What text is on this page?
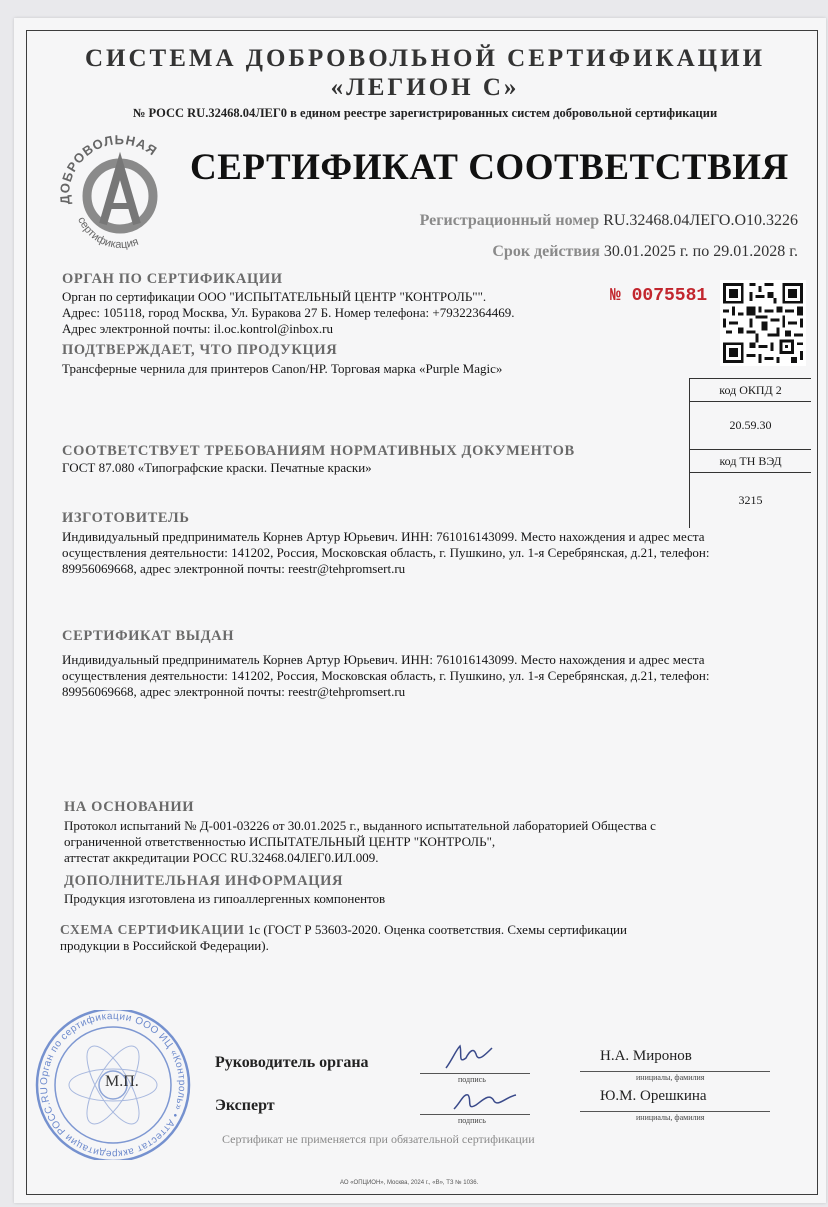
СИСТЕМА ДОБРОВОЛЬНОЙ СЕРТИФИКАЦИИ
«ЛЕГИОН С»
№ РОСС RU.32468.04ЛЕГ0 в едином реестре зарегистрированных систем добровольной сертификации
ДОБРОВОЛЬНАЯ
сертификация
СА
СЕРТИФИКАТ СООТВЕТСТВИЯ
Регистрационный номер RU.32468.04ЛЕГО.О10.3226
Срок действия 30.01.2025 г. по 29.01.2028 г.
№ 0075581
ОРГАН ПО СЕРТИФИКАЦИИ
Орган по сертификации ООО "ИСПЫТАТЕЛЬНЫЙ ЦЕНТР "КОНТРОЛЬ"".
Адрес: 105118, город Москва, Ул. Буракова 27 Б. Номер телефона: +79322364469.
Адрес электронной почты: il.oc.kontrol@inbox.ru
ПОДТВЕРЖДАЕТ, ЧТО ПРОДУКЦИЯ
Трансферные чернила для принтеров Canon/HP. Торговая марка «Purple Magic»
код ОКПД 2
20.59.30
код ТН ВЭД
3215
СООТВЕТСТВУЕТ ТРЕБОВАНИЯМ НОРМАТИВНЫХ ДОКУМЕНТОВ
ГОСТ 87.080 «Типографские краски. Печатные краски»
ИЗГОТОВИТЕЛЬ
Индивидуальный предприниматель Корнев Артур Юрьевич. ИНН: 761016143099. Место нахождения и адрес места
осуществления деятельности: 141202, Россия, Московская область, г. Пушкино, ул. 1-я Серебрянская, д.21, телефон:
89956069668, адрес электронной почты: reestr@tehpromsert.ru
СЕРТИФИКАТ ВЫДАН
Индивидуальный предприниматель Корнев Артур Юрьевич. ИНН: 761016143099. Место нахождения и адрес места
осуществления деятельности: 141202, Россия, Московская область, г. Пушкино, ул. 1-я Серебрянская, д.21, телефон:
89956069668, адрес электронной почты: reestr@tehpromsert.ru
НА ОСНОВАНИИ
Протокол испытаний № Д-001-03226 от 30.01.2025 г., выданного испытательной лабораторией Общества с
ограниченной ответственностью ИСПЫТАТЕЛЬНЫЙ ЦЕНТР "КОНТРОЛЬ",
аттестат аккредитации РОСС RU.32468.04ЛЕГ0.ИЛ.009.
ДОПОЛНИТЕЛЬНАЯ ИНФОРМАЦИЯ
Продукция изготовлена из гипоаллергенных компонентов
СХЕМА СЕРТИФИКАЦИИ 1с (ГОСТ Р 53603-2020. Оценка соответствия. Схемы сертификации
продукции в Российской Федерации).
Орган по сертификации ООО ИЦ «Контроль» • Аттестат аккредитации РОСС.RU
М.П.
Руководитель органа
подпись
Н.А. Миронов
инициалы, фамилия
Эксперт
подпись
Ю.М. Орешкина
инициалы, фамилия
Сертификат не применяется при обязательной сертификации
АО «ОПЦИОН», Москва, 2024 г., «В», ТЗ № 1036.
